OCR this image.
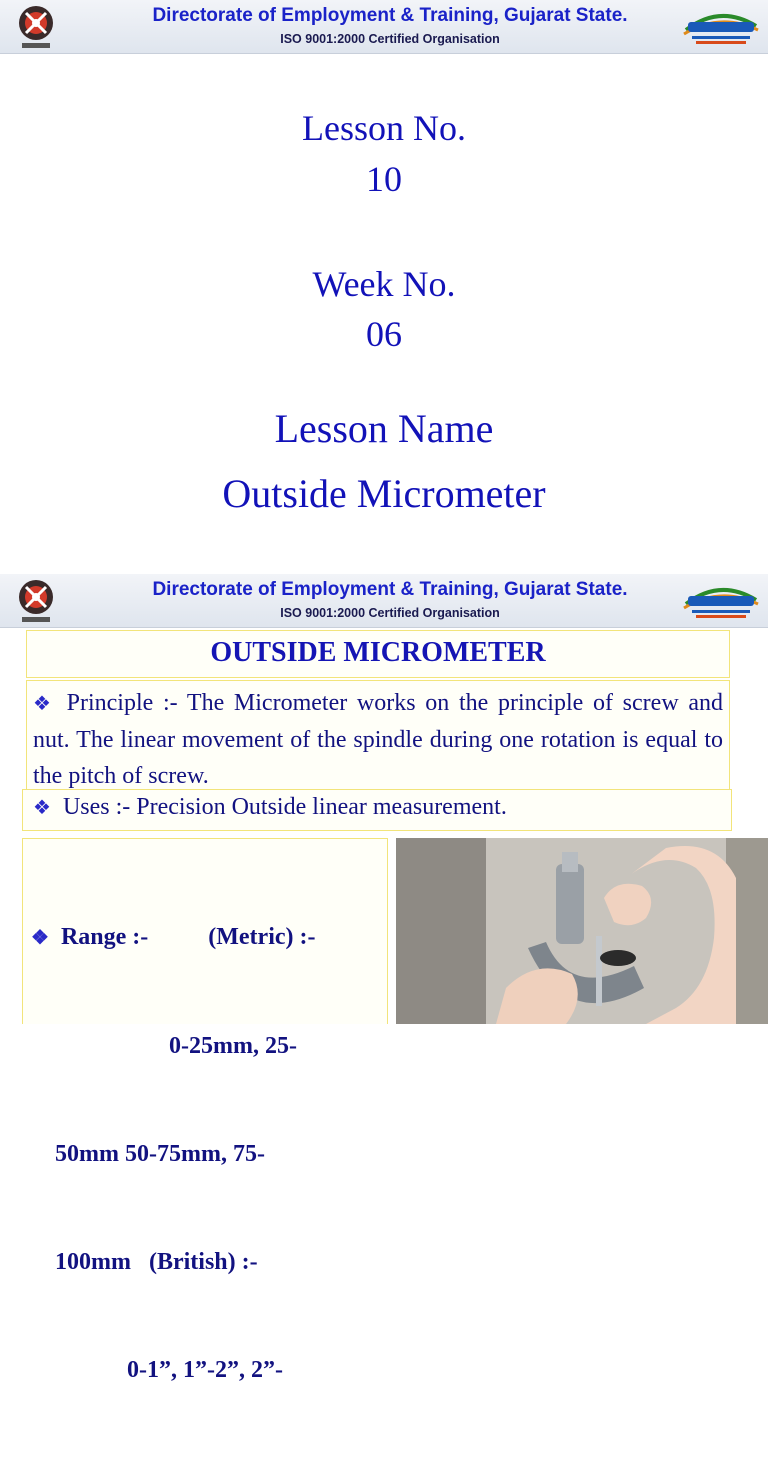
Directorate of Employment & Training, Gujarat State.
ISO 9001:2000 Certified Organisation
Lesson No.
10
Week No.
06
Lesson Name
Outside Micrometer
Directorate of Employment & Training, Gujarat State.
ISO 9001:2000 Certified Organisation
OUTSIDE MICROMETER
❖ Principle :- The Micrometer works on the principle of screw and nut. The linear movement of the spindle during one rotation is equal to the pitch of screw.
❖ Uses :- Precision Outside linear measurement.

❖ Range :-          (Metric) :-

0-25mm, 25-

50mm 50-75mm, 75-

100mm   (British) :-

0-1”, 1”-2”, 2”-
